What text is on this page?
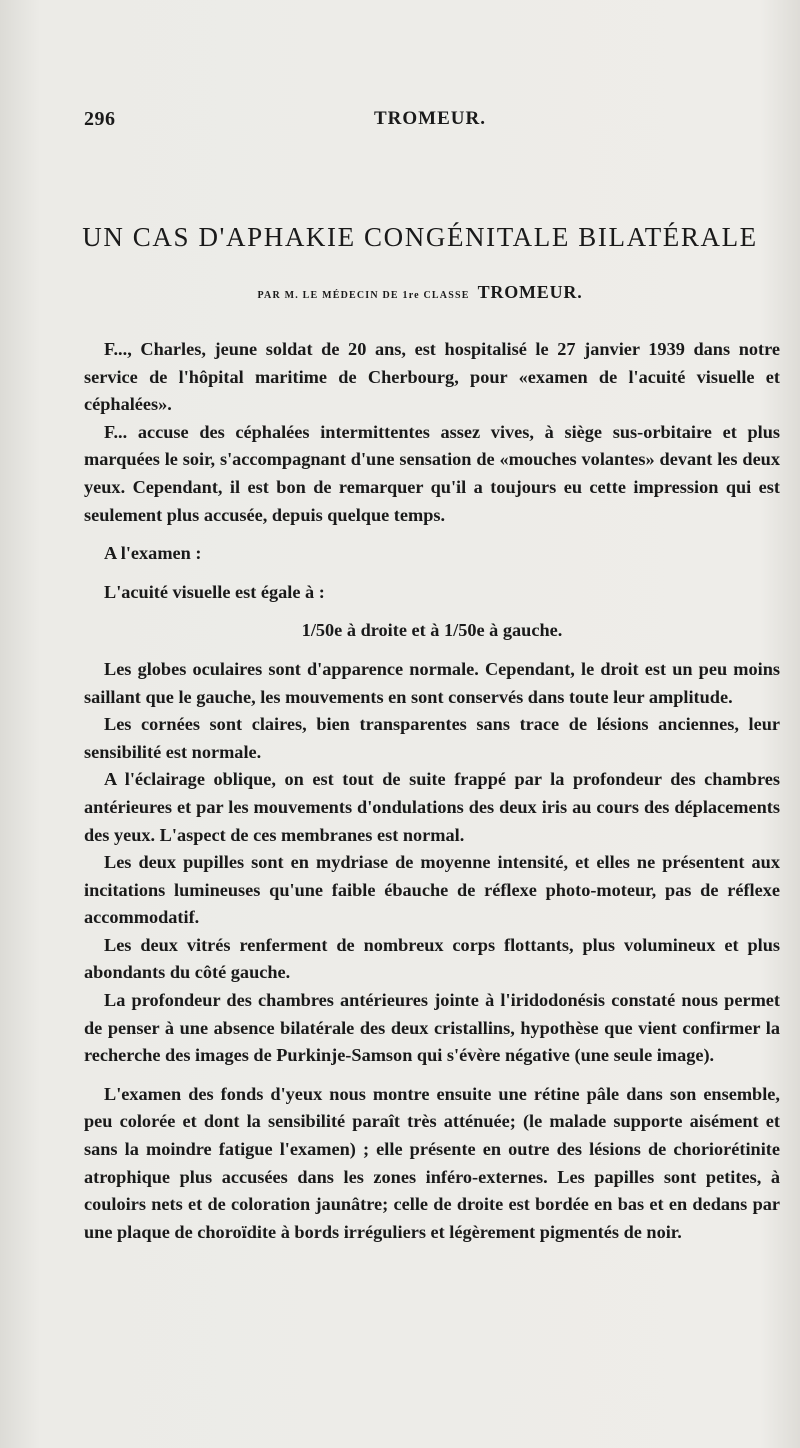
296	TROMEUR.
UN CAS D'APHAKIE CONGÉNITALE BILATÉRALE
PAR M. LE MÉDECIN DE 1re CLASSE TROMEUR.

F..., Charles, jeune soldat de 20 ans, est hospitalisé le 27 janvier 1939 dans notre service de l'hôpital maritime de Cherbourg, pour «examen de l'acuité visuelle et céphalées».

F... accuse des céphalées intermittentes assez vives, à siège sus-orbitaire et plus marquées le soir, s'accompagnant d'une sensation de «mouches volantes» devant les deux yeux. Cependant, il est bon de remarquer qu'il a toujours eu cette impression qui est seulement plus accusée, depuis quelque temps.

A l'examen :

L'acuité visuelle est égale à :

1/50e à droite et à 1/50e à gauche.

Les globes oculaires sont d'apparence normale. Cependant, le droit est un peu moins saillant que le gauche, les mouvements en sont conservés dans toute leur amplitude.

Les cornées sont claires, bien transparentes sans trace de lésions anciennes, leur sensibilité est normale.

A l'éclairage oblique, on est tout de suite frappé par la profondeur des chambres antérieures et par les mouvements d'ondulations des deux iris au cours des déplacements des yeux. L'aspect de ces membranes est normal.

Les deux pupilles sont en mydriase de moyenne intensité, et elles ne présentent aux incitations lumineuses qu'une faible ébauche de réflexe photo-moteur, pas de réflexe accommodatif.

Les deux vitrés renferment de nombreux corps flottants, plus volumineux et plus abondants du côté gauche.

La profondeur des chambres antérieures jointe à l'iridodonésis constaté nous permet de penser à une absence bilatérale des deux cristallins, hypothèse que vient confirmer la recherche des images de Purkinje-Samson qui s'évère négative (une seule image).

L'examen des fonds d'yeux nous montre ensuite une rétine pâle dans son ensemble, peu colorée et dont la sensibilité paraît très atténuée; (le malade supporte aisément et sans la moindre fatigue l'examen) ; elle présente en outre des lésions de choriorétinite atrophique plus accusées dans les zones inféro-externes. Les papilles sont petites, à couloirs nets et de coloration jaunâtre; celle de droite est bordée en bas et en dedans par une plaque de choroïdite à bords irréguliers et légèrement pigmentés de noir.
